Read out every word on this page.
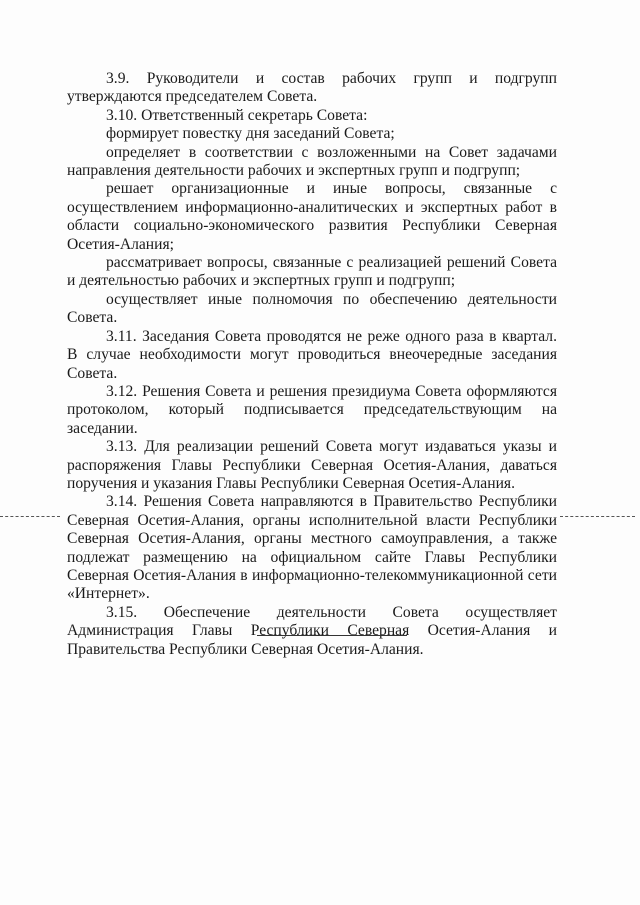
3.9. Руководители и состав рабочих групп и подгрупп утверждаются председателем Совета.

3.10. Ответственный секретарь Совета:

формирует повестку дня заседаний Совета;

определяет в соответствии с возложенными на Совет задачами направления деятельности рабочих и экспертных групп и подгрупп;

решает организационные и иные вопросы, связанные с осуществлением информационно-аналитических и экспертных работ в области социально-экономического развития Республики Северная Осетия-Алания;

рассматривает вопросы, связанные с реализацией решений Совета и деятельностью рабочих и экспертных групп и подгрупп;

осуществляет иные полномочия по обеспечению деятельности Совета.

3.11. Заседания Совета проводятся не реже одного раза в квартал. В случае необходимости могут проводиться внеочередные заседания Совета.

3.12. Решения Совета и решения президиума Совета оформляются протоколом, который подписывается председательствующим на заседании.

3.13. Для реализации решений Совета могут издаваться указы и распоряжения Главы Республики Северная Осетия-Алания, даваться поручения и указания Главы Республики Северная Осетия-Алания.

3.14. Решения Совета направляются в Правительство Республики Северная Осетия-Алания, органы исполнительной власти Республики Северная Осетия-Алания, органы местного самоуправления, а также подлежат размещению на официальном сайте Главы Республики Северная Осетия-Алания в информационно-телекоммуникационной сети «Интернет».

3.15. Обеспечение деятельности Совета осуществляет Администрация Главы Республики Северная Осетия-Алания и Правительства Республики Северная Осетия-Алания.
